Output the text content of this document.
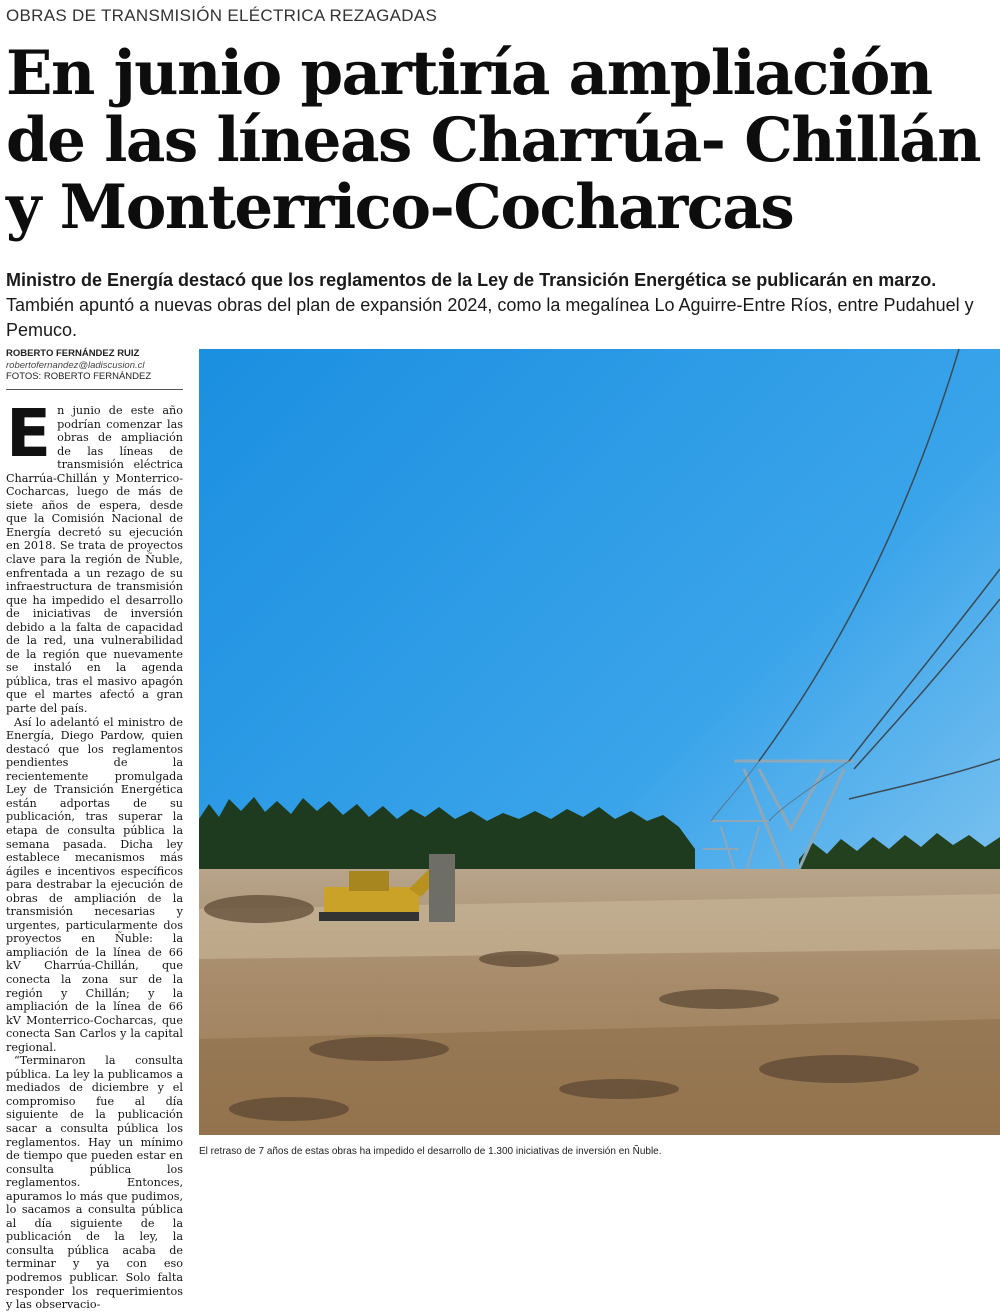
OBRAS DE TRANSMISIÓN ELÉCTRICA REZAGADAS
En junio partiría ampliación
de las líneas Charrúa- Chillán
y Monterrico-Cocharcas
Ministro de Energía destacó que los reglamentos de la Ley de Transición Energética se publicarán en marzo. También apuntó a nuevas obras del plan de expansión 2024, como la megalínea Lo Aguirre-Entre Ríos, entre Pudahuel y Pemuco.
ROBERTO FERNÁNDEZ RUIZ
robertofernandez@ladiscusion.cl
FOTOS: ROBERTO FERNÁNDEZ

En junio de este año podrían comenzar las obras de ampliación de las líneas de transmisión eléctrica Charrúa-Chillán y Monterrico-Cocharcas, luego de más de siete años de espera, desde que la Comisión Nacional de Energía decretó su ejecución en 2018. Se trata de proyectos clave para la región de Ñuble, enfrentada a un rezago de su infraestructura de transmisión que ha impedido el desarrollo de iniciativas de inversión debido a la falta de capacidad de la red, una vulnerabilidad de la región que nuevamente se instaló en la agenda pública, tras el masivo apagón que el martes afectó a gran parte del país.

Así lo adelantó el ministro de Energía, Diego Pardow, quien destacó que los reglamentos pendientes de la recientemente promulgada Ley de Transición Energética están adportas de su publicación, tras superar la etapa de consulta pública la semana pasada. Dicha ley establece mecanismos más ágiles e incentivos específicos para destrabar la ejecución de obras de ampliación de la transmisión necesarias y urgentes, particularmente dos proyectos en Ñuble: la ampliación de la línea de 66 kV Charrúa-Chillán, que conecta la zona sur de la región y Chillán; y la ampliación de la línea de 66 kV Monterrico-Cocharcas, que conecta San Carlos y la capital regional.

“Terminaron la consulta pública. La ley la publicamos a mediados de diciembre y el compromiso fue al día siguiente de la publicación sacar a consulta pública los reglamentos. Hay un mínimo de tiempo que pueden estar en consulta pública los reglamentos. Entonces, apuramos lo más que pudimos, lo sacamos a consulta pública al día siguiente de la publicación de la ley, la consulta pública acaba de terminar y ya con eso podremos publicar. Solo falta responder los requerimientos y las observacio-

El retraso de 7 años de estas obras ha impedido el desarrollo de 1.300 iniciativas de inversión en Ñuble.
